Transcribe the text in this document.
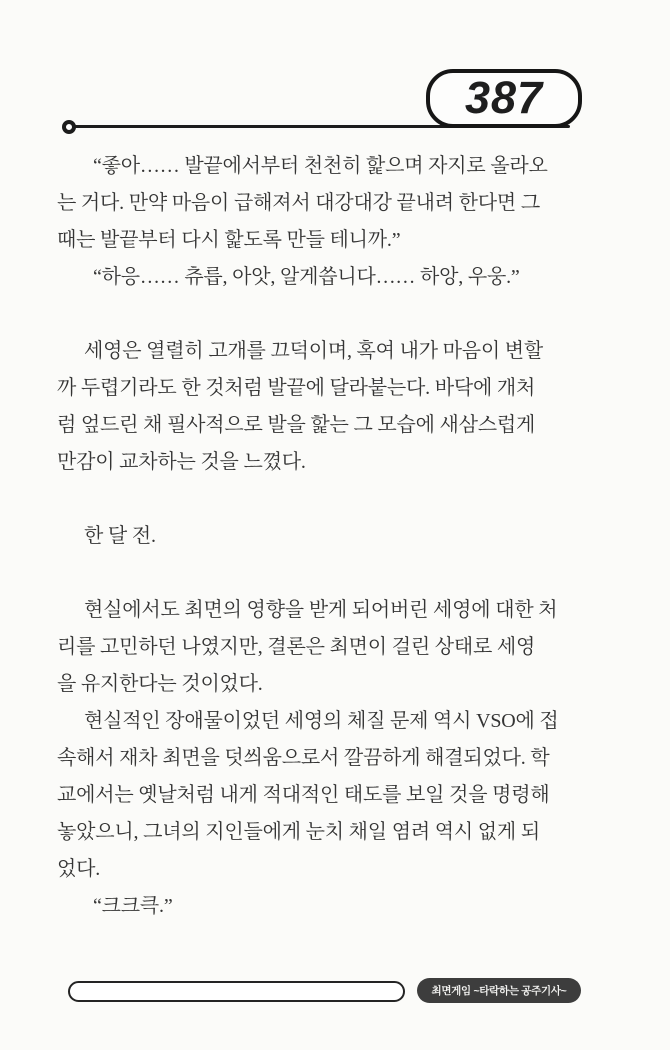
387

“좋아…… 발끝에서부터 천천히 핥으며 자지로 올라오
는 거다. 만약 마음이 급해져서 대강대강 끝내려 한다면 그
때는 발끝부터 다시 핥도록 만들 테니까.”
“하응…… 츄릅, 아앗, 알게씁니다…… 하앙, 우웅.”

세영은 열렬히 고개를 끄덕이며, 혹여 내가 마음이 변할
까 두렵기라도 한 것처럼 발끝에 달라붙는다. 바닥에 개처
럼 엎드린 채 필사적으로 발을 핥는 그 모습에 새삼스럽게
만감이 교차하는 것을 느꼈다.

한 달 전.

현실에서도 최면의 영향을 받게 되어버린 세영에 대한 처
리를 고민하던 나였지만, 결론은 최면이 걸린 상태로 세영
을 유지한다는 것이었다.

현실적인 장애물이었던 세영의 체질 문제 역시 VSO에 접
속해서 재차 최면을 덧씌움으로서 깔끔하게 해결되었다. 학
교에서는 옛날처럼 내게 적대적인 태도를 보일 것을 명령해
놓았으니, 그녀의 지인들에게 눈치 채일 염려 역시 없게 되
었다.

“크크큭.”

최면게임 ~타락하는 공주기사~
